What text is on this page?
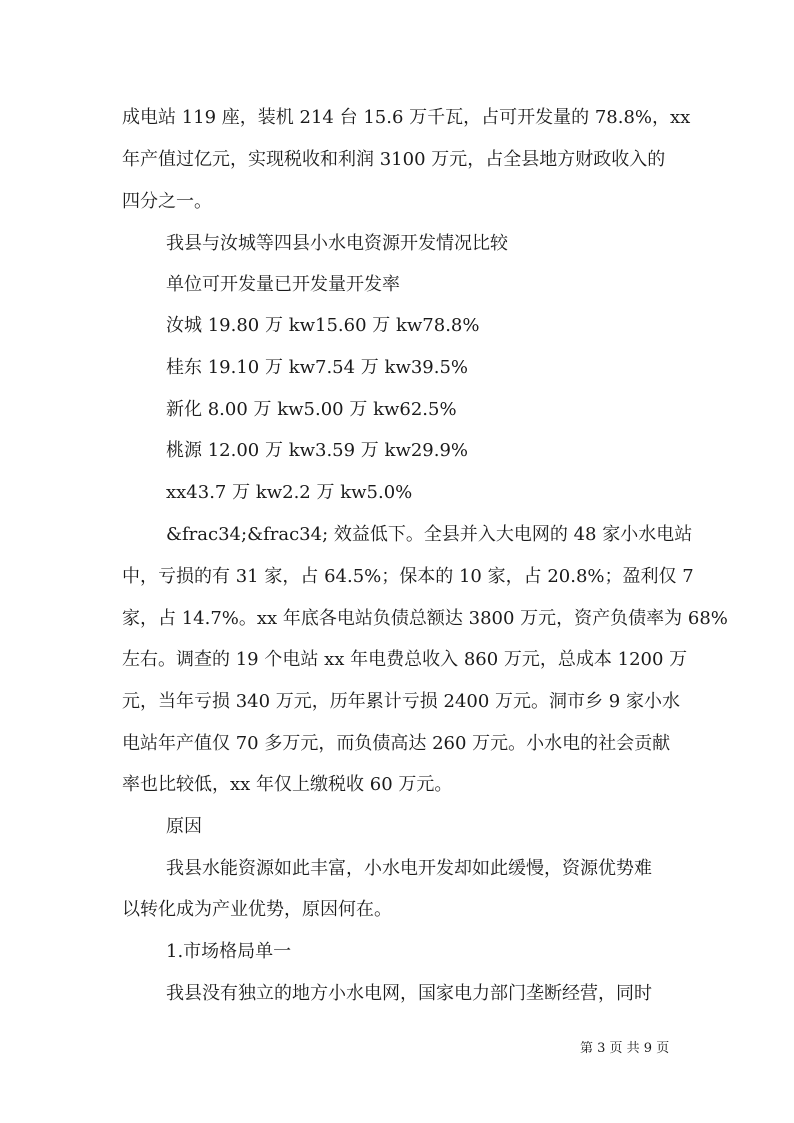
成电站 119 座，装机 214 台 15.6 万千瓦，占可开发量的 78.8%，xx
年产值过亿元，实现税收和利润 3100 万元，占全县地方财政收入的
四分之一。
我县与汝城等四县小水电资源开发情况比较
单位可开发量已开发量开发率
汝城 19.80 万 kw15.60 万 kw78.8%
桂东 19.10 万 kw7.54 万 kw39.5%
新化 8.00 万 kw5.00 万 kw62.5%
桃源 12.00 万 kw3.59 万 kw29.9%
xx43.7 万 kw2.2 万 kw5.0%
&frac34;&frac34; 效益低下。全县并入大电网的 48 家小水电站
中，亏损的有 31 家，占 64.5%；保本的 10 家，占 20.8%；盈利仅 7
家，占 14.7%。xx 年底各电站负债总额达 3800 万元，资产负债率为 68%
左右。调查的 19 个电站 xx 年电费总收入 860 万元，总成本 1200 万
元，当年亏损 340 万元，历年累计亏损 2400 万元。洞市乡 9 家小水
电站年产值仅 70 多万元，而负债高达 260 万元。小水电的社会贡献
率也比较低，xx 年仅上缴税收 60 万元。
原因
我县水能资源如此丰富，小水电开发却如此缓慢，资源优势难
以转化成为产业优势，原因何在。
1.市场格局单一
我县没有独立的地方小水电网，国家电力部门垄断经营，同时
第 3 页 共 9 页
